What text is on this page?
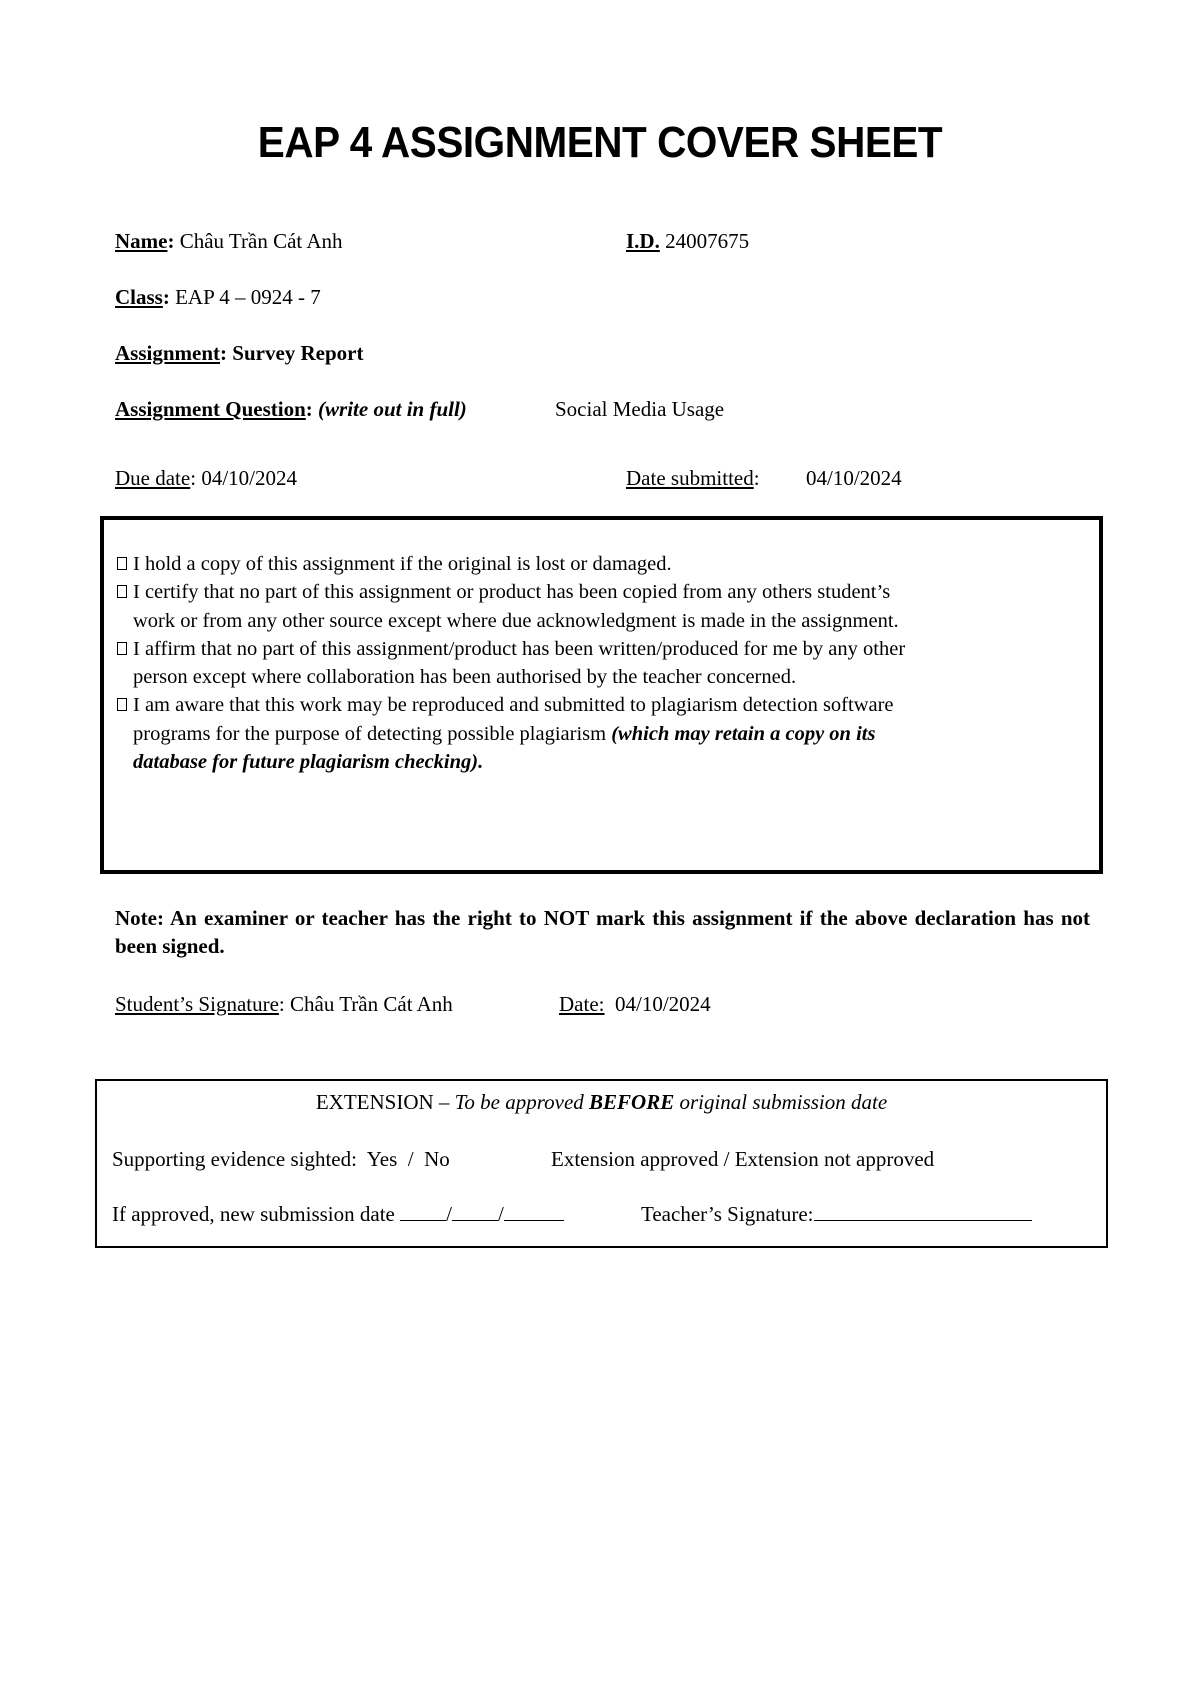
EAP 4 ASSIGNMENT COVER SHEET
Name: Châu Trần Cát Anh	I.D. 24007675
Class: EAP 4 – 0924 - 7
Assignment: Survey Report
Assignment Question: (write out in full)	Social Media Usage
Due date: 04/10/2024	Date submitted: 04/10/2024
I hold a copy of this assignment if the original is lost or damaged.
I certify that no part of this assignment or product has been copied from any others student’s work or from any other source except where due acknowledgment is made in the assignment.
I affirm that no part of this assignment/product has been written/produced for me by any other person except where collaboration has been authorised by the teacher concerned.
I am aware that this work may be reproduced and submitted to plagiarism detection software programs for the purpose of detecting possible plagiarism (which may retain a copy on its database for future plagiarism checking).
Note: An examiner or teacher has the right to NOT mark this assignment if the above declaration has not been signed.
Student’s Signature: Châu Trần Cát Anh	Date: 04/10/2024
EXTENSION – To be approved BEFORE original submission date
Supporting evidence sighted: Yes  /  No	Extension approved / Extension not approved
If approved, new submission date / /	Teacher’s Signature:
